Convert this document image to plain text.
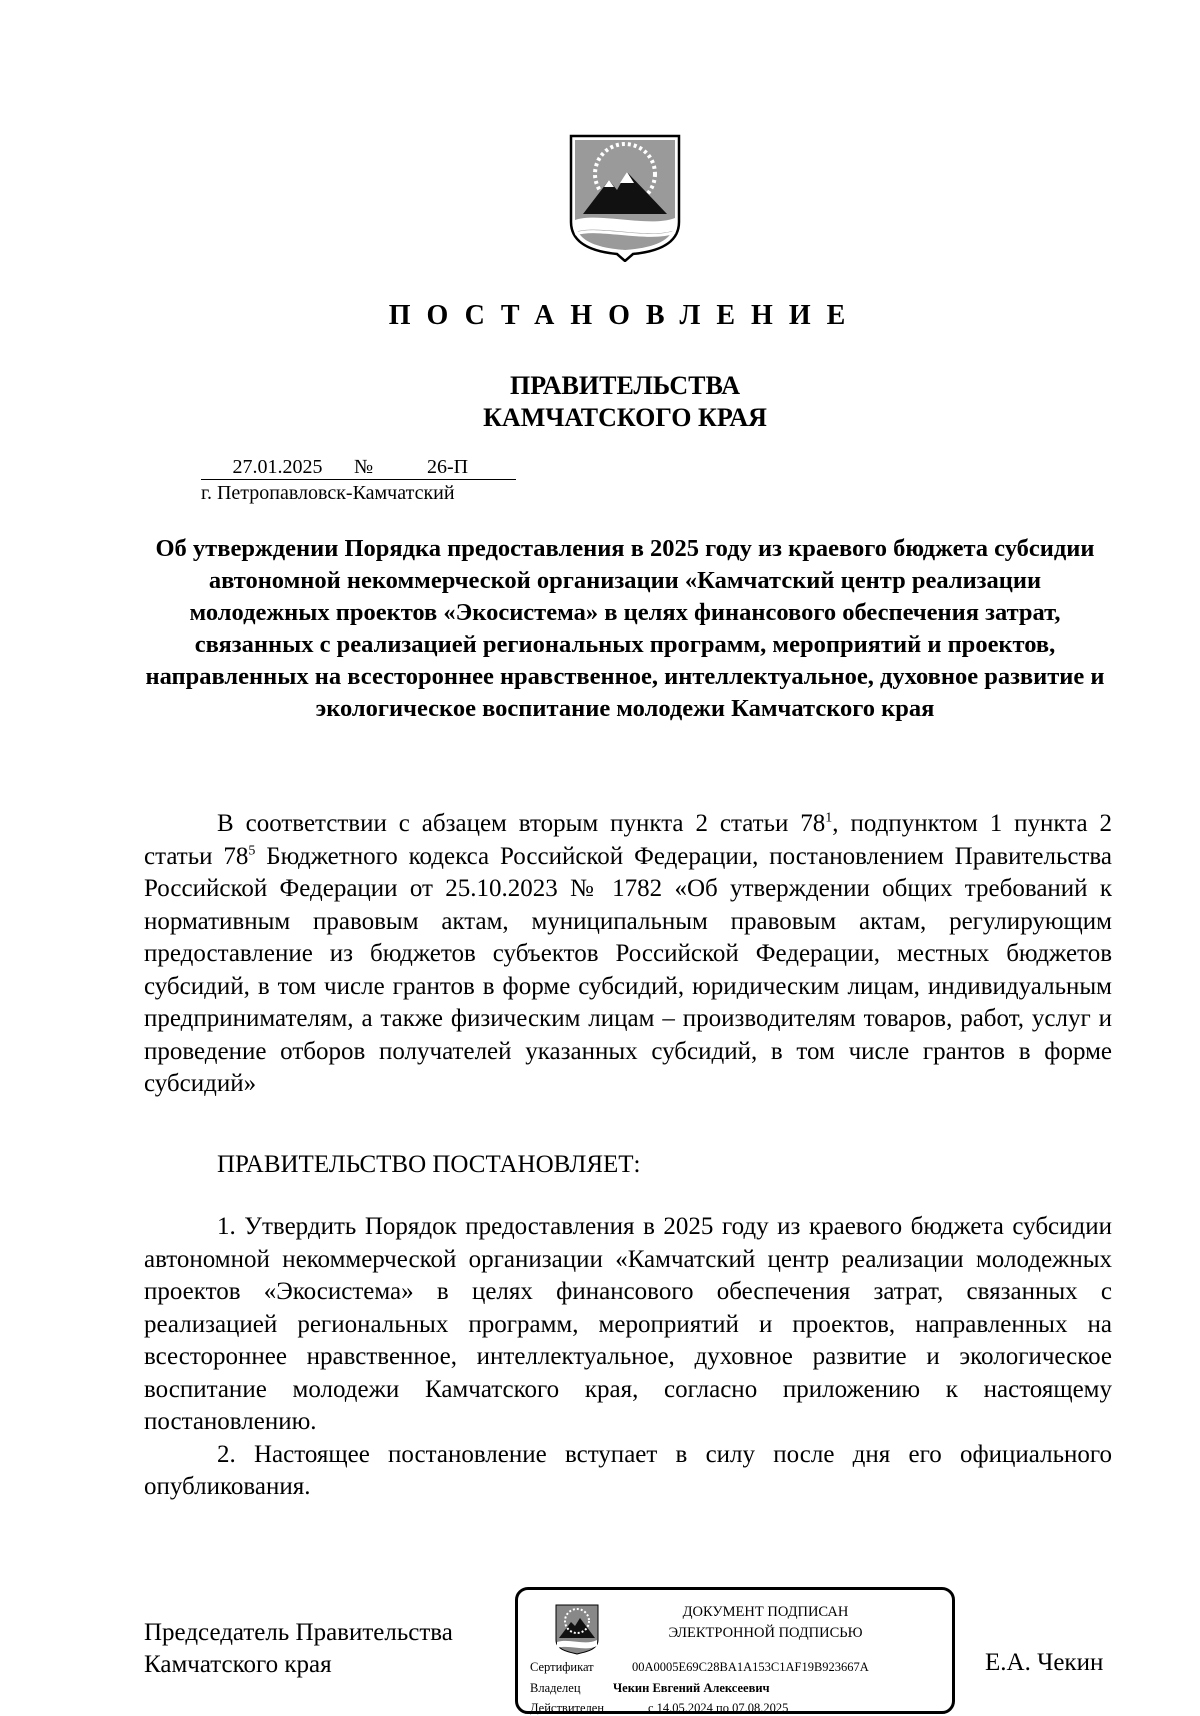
ПОСТАНОВЛЕНИЕ
ПРАВИТЕЛЬСТВА
КАМЧАТСКОГО КРАЯ
27.01.2025 №	26-П
г. Петропавловск-Камчатский
Об утверждении Порядка предоставления в 2025 году из краевого бюджета субсидии автономной некоммерческой организации «Камчатский центр реализации молодежных проектов «Экосистема» в целях финансового обеспечения затрат, связанных с реализацией региональных программ, мероприятий и проектов, направленных на всестороннее нравственное, интеллектуальное, духовное развитие и экологическое воспитание молодежи Камчатского края

В соответствии с абзацем вторым пункта 2 статьи $78^1$, подпунктом 1 пункта 2 статьи $78^5$ Бюджетного кодекса Российской Федерации, постановлением Правительства Российской Федерации от 25.10.2023 № 1782 «Об утверждении общих требований к нормативным правовым актам, муниципальным правовым актам, регулирующим предоставление из бюджетов субъектов Российской Федерации, местных бюджетов субсидий, в том числе грантов в форме субсидий, юридическим лицам, индивидуальным предпринимателям, а также физическим лицам – производителям товаров, работ, услуг и проведение отборов получателей указанных субсидий, в том числе грантов в форме субсидий»

ПРАВИТЕЛЬСТВО ПОСТАНОВЛЯЕТ:

1. Утвердить Порядок предоставления в 2025 году из краевого бюджета субсидии автономной некоммерческой организации «Камчатский центр реализации молодежных проектов «Экосистема» в целях финансового обеспечения затрат, связанных с реализацией региональных программ, мероприятий и проектов, направленных на всестороннее нравственное, интеллектуальное, духовное развитие и экологическое воспитание молодежи Камчатского края, согласно приложению к настоящему постановлению.

2. Настоящее постановление вступает в силу после дня его официального опубликования.

Председатель Правительства
Камчатского края
ДОКУМЕНТ ПОДПИСАН
ЭЛЕКТРОННОЙ ПОДПИСЬЮ
Сертификат	00A0005E69C28BA1A153C1AF19B923667A
Владелец	Чекин Евгений Алексеевич
Действителен	с 14.05.2024 по 07.08.2025
Е.А. Чекин
